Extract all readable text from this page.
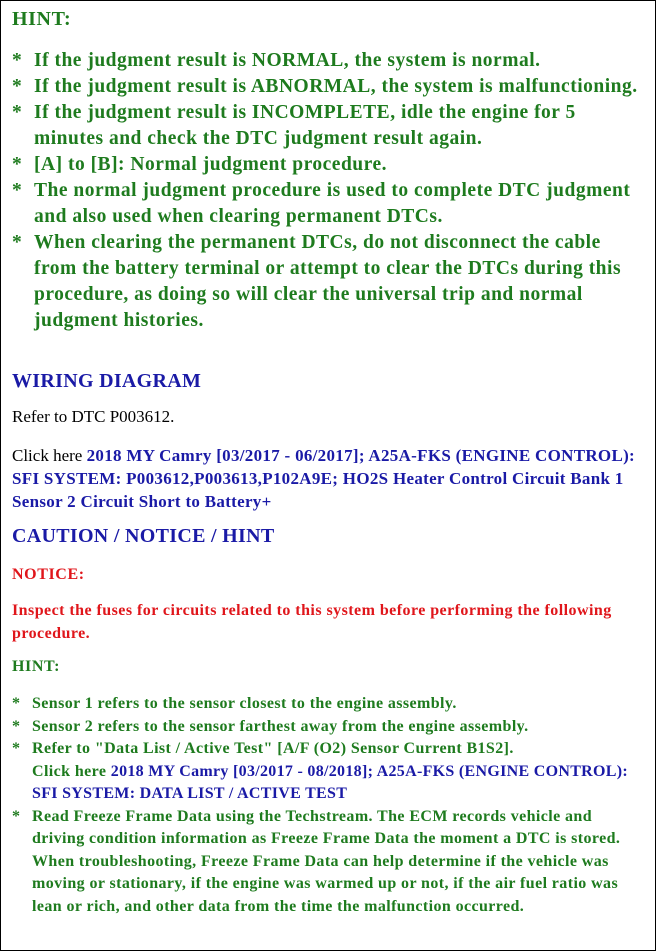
HINT:
* If the judgment result is NORMAL, the system is normal.
* If the judgment result is ABNORMAL, the system is malfunctioning.
* If the judgment result is INCOMPLETE, idle the engine for 5 minutes and check the DTC judgment result again.
* [A] to [B]: Normal judgment procedure.
* The normal judgment procedure is used to complete DTC judgment and also used when clearing permanent DTCs.
* When clearing the permanent DTCs, do not disconnect the cable from the battery terminal or attempt to clear the DTCs during this procedure, as doing so will clear the universal trip and normal judgment histories.
WIRING DIAGRAM
Refer to DTC P003612.
Click here 2018 MY Camry [03/2017 - 06/2017]; A25A-FKS (ENGINE CONTROL): SFI SYSTEM: P003612,P003613,P102A9E; HO2S Heater Control Circuit Bank 1 Sensor 2 Circuit Short to Battery+
CAUTION / NOTICE / HINT
NOTICE:
Inspect the fuses for circuits related to this system before performing the following procedure.
HINT:
* Sensor 1 refers to the sensor closest to the engine assembly.
* Sensor 2 refers to the sensor farthest away from the engine assembly.
* Refer to "Data List / Active Test" [A/F (O2) Sensor Current B1S2].
Click here 2018 MY Camry [03/2017 - 08/2018]; A25A-FKS (ENGINE CONTROL): SFI SYSTEM: DATA LIST / ACTIVE TEST
* Read Freeze Frame Data using the Techstream. The ECM records vehicle and driving condition information as Freeze Frame Data the moment a DTC is stored. When troubleshooting, Freeze Frame Data can help determine if the vehicle was moving or stationary, if the engine was warmed up or not, if the air fuel ratio was lean or rich, and other data from the time the malfunction occurred.
